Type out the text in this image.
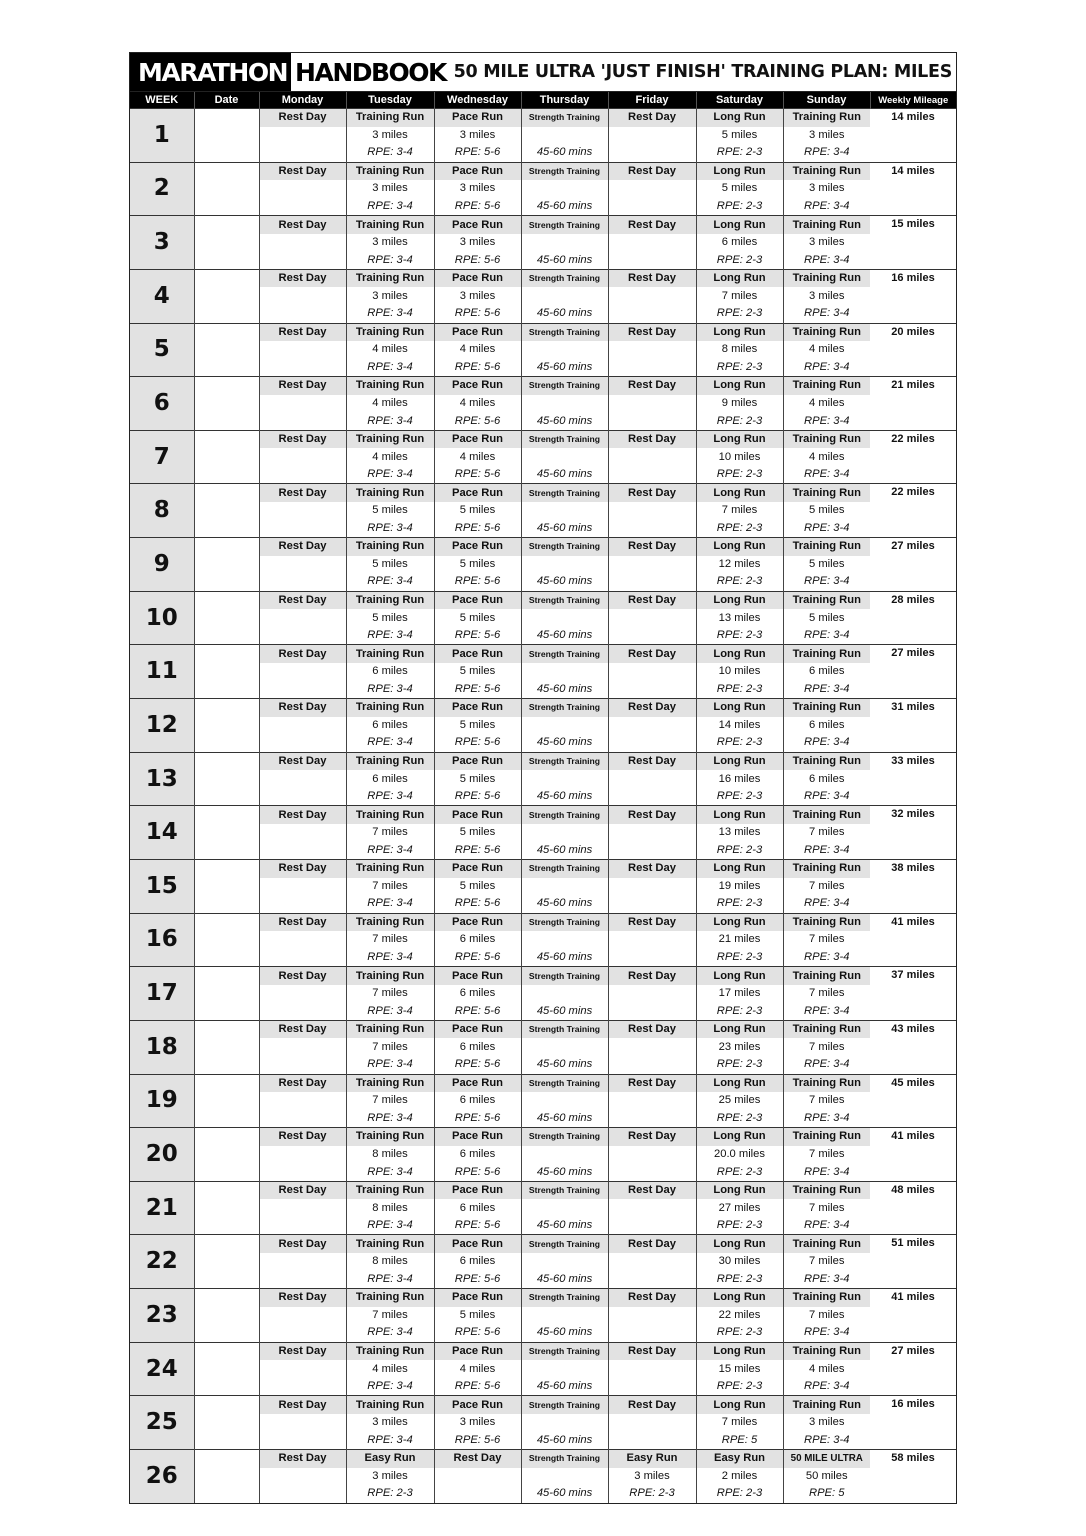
MARATHON HANDBOOK 50 MILE ULTRA 'JUST FINISH' TRAINING PLAN: MILES
WEEK	Date	Monday	Tuesday	Wednesday	Thursday	Friday	Saturday	Sunday	Weekly Mileage
1		Rest Day	Training Run	Pace Run	Strength Training	Rest Day	Long Run	Training Run	14 miles
			3 miles	3 miles			5 miles	3 miles	
			RPE: 3-4	RPE: 5-6	45-60 mins		RPE: 2-3	RPE: 3-4	
2		Rest Day	Training Run	Pace Run	Strength Training	Rest Day	Long Run	Training Run	14 miles
			3 miles	3 miles			5 miles	3 miles	
			RPE: 3-4	RPE: 5-6	45-60 mins		RPE: 2-3	RPE: 3-4	
3		Rest Day	Training Run	Pace Run	Strength Training	Rest Day	Long Run	Training Run	15 miles
			3 miles	3 miles			6 miles	3 miles	
			RPE: 3-4	RPE: 5-6	45-60 mins		RPE: 2-3	RPE: 3-4	
4		Rest Day	Training Run	Pace Run	Strength Training	Rest Day	Long Run	Training Run	16 miles
			3 miles	3 miles			7 miles	3 miles	
			RPE: 3-4	RPE: 5-6	45-60 mins		RPE: 2-3	RPE: 3-4	
5		Rest Day	Training Run	Pace Run	Strength Training	Rest Day	Long Run	Training Run	20 miles
			4 miles	4 miles			8 miles	4 miles	
			RPE: 3-4	RPE: 5-6	45-60 mins		RPE: 2-3	RPE: 3-4	
6		Rest Day	Training Run	Pace Run	Strength Training	Rest Day	Long Run	Training Run	21 miles
			4 miles	4 miles			9 miles	4 miles	
			RPE: 3-4	RPE: 5-6	45-60 mins		RPE: 2-3	RPE: 3-4	
7		Rest Day	Training Run	Pace Run	Strength Training	Rest Day	Long Run	Training Run	22 miles
			4 miles	4 miles			10 miles	4 miles	
			RPE: 3-4	RPE: 5-6	45-60 mins		RPE: 2-3	RPE: 3-4	
8		Rest Day	Training Run	Pace Run	Strength Training	Rest Day	Long Run	Training Run	22 miles
			5 miles	5 miles			7 miles	5 miles	
			RPE: 3-4	RPE: 5-6	45-60 mins		RPE: 2-3	RPE: 3-4	
9		Rest Day	Training Run	Pace Run	Strength Training	Rest Day	Long Run	Training Run	27 miles
			5 miles	5 miles			12 miles	5 miles	
			RPE: 3-4	RPE: 5-6	45-60 mins		RPE: 2-3	RPE: 3-4	
10		Rest Day	Training Run	Pace Run	Strength Training	Rest Day	Long Run	Training Run	28 miles
			5 miles	5 miles			13 miles	5 miles	
			RPE: 3-4	RPE: 5-6	45-60 mins		RPE: 2-3	RPE: 3-4	
11		Rest Day	Training Run	Pace Run	Strength Training	Rest Day	Long Run	Training Run	27 miles
			6 miles	5 miles			10 miles	6 miles	
			RPE: 3-4	RPE: 5-6	45-60 mins		RPE: 2-3	RPE: 3-4	
12		Rest Day	Training Run	Pace Run	Strength Training	Rest Day	Long Run	Training Run	31 miles
			6 miles	5 miles			14 miles	6 miles	
			RPE: 3-4	RPE: 5-6	45-60 mins		RPE: 2-3	RPE: 3-4	
13		Rest Day	Training Run	Pace Run	Strength Training	Rest Day	Long Run	Training Run	33 miles
			6 miles	5 miles			16 miles	6 miles	
			RPE: 3-4	RPE: 5-6	45-60 mins		RPE: 2-3	RPE: 3-4	
14		Rest Day	Training Run	Pace Run	Strength Training	Rest Day	Long Run	Training Run	32 miles
			7 miles	5 miles			13 miles	7 miles	
			RPE: 3-4	RPE: 5-6	45-60 mins		RPE: 2-3	RPE: 3-4	
15		Rest Day	Training Run	Pace Run	Strength Training	Rest Day	Long Run	Training Run	38 miles
			7 miles	5 miles			19 miles	7 miles	
			RPE: 3-4	RPE: 5-6	45-60 mins		RPE: 2-3	RPE: 3-4	
16		Rest Day	Training Run	Pace Run	Strength Training	Rest Day	Long Run	Training Run	41 miles
			7 miles	6 miles			21 miles	7 miles	
			RPE: 3-4	RPE: 5-6	45-60 mins		RPE: 2-3	RPE: 3-4	
17		Rest Day	Training Run	Pace Run	Strength Training	Rest Day	Long Run	Training Run	37 miles
			7 miles	6 miles			17 miles	7 miles	
			RPE: 3-4	RPE: 5-6	45-60 mins		RPE: 2-3	RPE: 3-4	
18		Rest Day	Training Run	Pace Run	Strength Training	Rest Day	Long Run	Training Run	43 miles
			7 miles	6 miles			23 miles	7 miles	
			RPE: 3-4	RPE: 5-6	45-60 mins		RPE: 2-3	RPE: 3-4	
19		Rest Day	Training Run	Pace Run	Strength Training	Rest Day	Long Run	Training Run	45 miles
			7 miles	6 miles			25 miles	7 miles	
			RPE: 3-4	RPE: 5-6	45-60 mins		RPE: 2-3	RPE: 3-4	
20		Rest Day	Training Run	Pace Run	Strength Training	Rest Day	Long Run	Training Run	41 miles
			8 miles	6 miles			20.0 miles	7 miles	
			RPE: 3-4	RPE: 5-6	45-60 mins		RPE: 2-3	RPE: 3-4	
21		Rest Day	Training Run	Pace Run	Strength Training	Rest Day	Long Run	Training Run	48 miles
			8 miles	6 miles			27 miles	7 miles	
			RPE: 3-4	RPE: 5-6	45-60 mins		RPE: 2-3	RPE: 3-4	
22		Rest Day	Training Run	Pace Run	Strength Training	Rest Day	Long Run	Training Run	51 miles
			8 miles	6 miles			30 miles	7 miles	
			RPE: 3-4	RPE: 5-6	45-60 mins		RPE: 2-3	RPE: 3-4	
23		Rest Day	Training Run	Pace Run	Strength Training	Rest Day	Long Run	Training Run	41 miles
			7 miles	5 miles			22 miles	7 miles	
			RPE: 3-4	RPE: 5-6	45-60 mins		RPE: 2-3	RPE: 3-4	
24		Rest Day	Training Run	Pace Run	Strength Training	Rest Day	Long Run	Training Run	27 miles
			4 miles	4 miles			15 miles	4 miles	
			RPE: 3-4	RPE: 5-6	45-60 mins		RPE: 2-3	RPE: 3-4	
25		Rest Day	Training Run	Pace Run	Strength Training	Rest Day	Long Run	Training Run	16 miles
			3 miles	3 miles			7 miles	3 miles	
			RPE: 3-4	RPE: 5-6	45-60 mins		RPE: 5	RPE: 3-4	
26		Rest Day	Easy Run	Rest Day	Strength Training	Easy Run	Easy Run	50 MILE ULTRA	58 miles
			3 miles			3 miles	2 miles	50 miles	
			RPE: 2-3		45-60 mins	RPE: 2-3	RPE: 2-3	RPE: 5	
